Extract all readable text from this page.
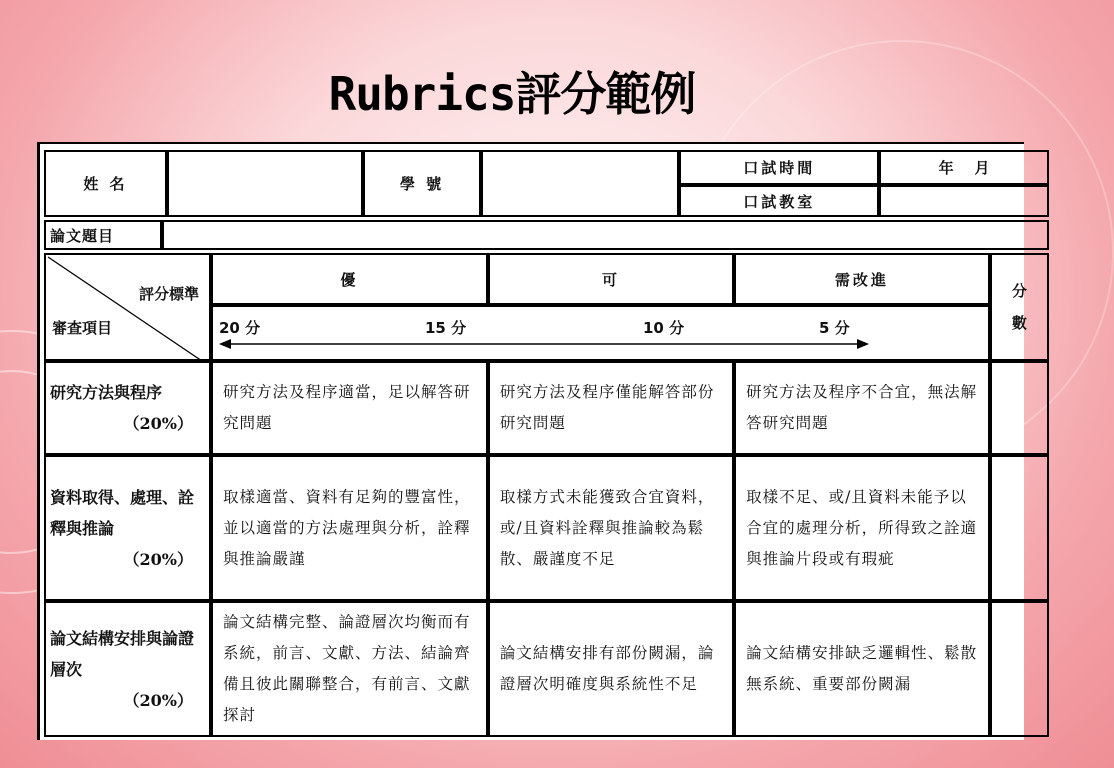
Rubrics評分範例
姓 名		學 號		口試時間	年    月
				口試教室	
論文題目	
評分標準
審查項目	優	可	需改進	分數

	20 分 15 分 10 分 5 分			

研究方法與程序
（20%）	研究方法及程序適當，足以解答研究問題	研究方法及程序僅能解答部份研究問題	研究方法及程序不合宜，無法解答研究問題	
資料取得、處理、詮釋與推論
（20%）	取樣適當、資料有足夠的豐富性，並以適當的方法處理與分析，詮釋與推論嚴謹	取樣方式未能獲致合宜資料，或/且資料詮釋與推論較為鬆散、嚴謹度不足	取樣不足、或/且資料未能予以合宜的處理分析，所得致之詮適與推論片段或有瑕疵	
論文結構安排與論證層次
（20%）	論文結構完整、論證層次均衡而有系統，前言、文獻、方法、結論齊備且彼此關聯整合，有前言、文獻探討	論文結構安排有部份闕漏，論證層次明確度與系統性不足	論文結構安排缺乏邏輯性、鬆散無系統、重要部份闕漏	
